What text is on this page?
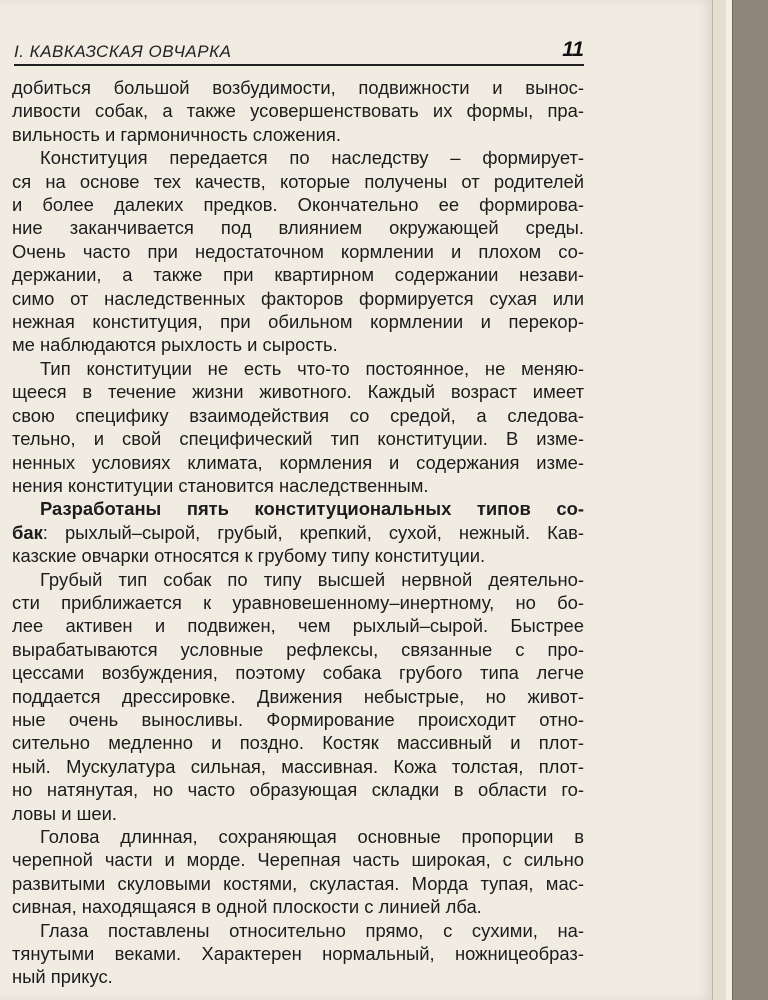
I. КАВКАЗСКАЯ ОВЧАРКА	11

добиться большой возбудимости, подвижности и вынос-
ливости собак, а также усовершенствовать их формы, пра-
вильность и гармоничность сложения.

Конституция передается по наследству – формирует-
ся на основе тех качеств, которые получены от родителей
и более далеких предков. Окончательно ее формирова-
ние заканчивается под влиянием окружающей среды.
Очень часто при недостаточном кормлении и плохом со-
держании, а также при квартирном содержании незави-
симо от наследственных факторов формируется сухая или
нежная конституция, при обильном кормлении и перекор-
ме наблюдаются рыхлость и сырость.

Тип конституции не есть что-то постоянное, не меняю-
щееся в течение жизни животного. Каждый возраст имеет
свою специфику взаимодействия со средой, а следова-
тельно, и свой специфический тип конституции. В изме-
ненных условиях климата, кормления и содержания изме-
нения конституции становится наследственным.

Разработаны пять конституциональных типов со-
бак: рыхлый–сырой, грубый, крепкий, сухой, нежный. Кав-
казские овчарки относятся к грубому типу конституции.

Грубый тип собак по типу высшей нервной деятельно-
сти приближается к уравновешенному–инертному, но бо-
лее активен и подвижен, чем рыхлый–сырой. Быстрее
вырабатываются условные рефлексы, связанные с про-
цессами возбуждения, поэтому собака грубого типа легче
поддается дрессировке. Движения небыстрые, но живот-
ные очень выносливы. Формирование происходит отно-
сительно медленно и поздно. Костяк массивный и плот-
ный. Мускулатура сильная, массивная. Кожа толстая, плот-
но натянутая, но часто образующая складки в области го-
ловы и шеи.

Голова длинная, сохраняющая основные пропорции в
черепной части и морде. Черепная часть широкая, с сильно
развитыми скуловыми костями, скуластая. Морда тупая, мас-
сивная, находящаяся в одной плоскости с линией лба.

Глаза поставлены относительно прямо, с сухими, на-
тянутыми веками. Характерен нормальный, ножницеобраз-
ный прикус.
